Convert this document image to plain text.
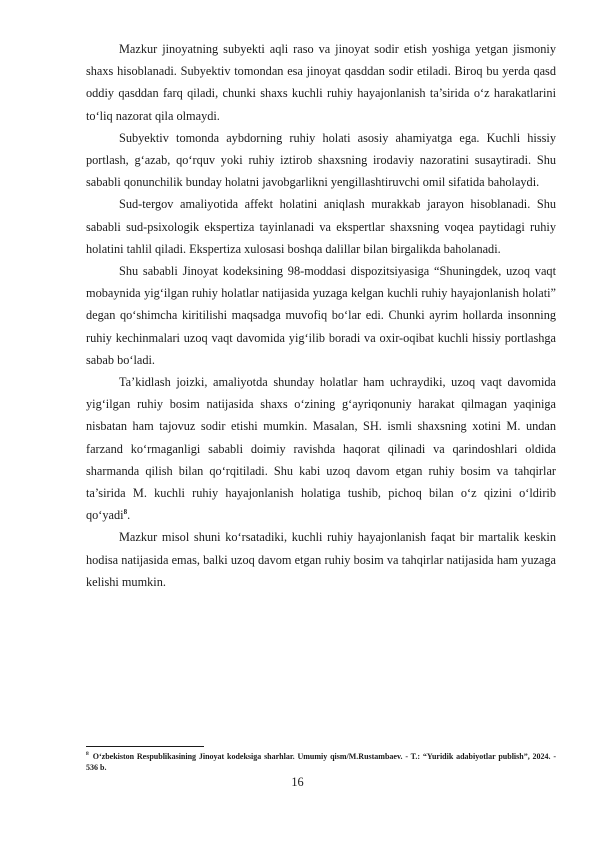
Mazkur jinoyatning subyekti aqli raso va jinoyat sodir etish yoshiga yetgan jismoniy shaxs hisoblanadi. Subyektiv tomondan esa jinoyat qasddan sodir etiladi. Biroq bu yerda qasd oddiy qasddan farq qiladi, chunki shaxs kuchli ruhiy hayajonlanish ta’sirida o‘z harakatlarini to‘liq nazorat qila olmaydi.

Subyektiv tomonda aybdorning ruhiy holati asosiy ahamiyatga ega. Kuchli hissiy portlash, g‘azab, qo‘rquv yoki ruhiy iztirob shaxsning irodaviy nazoratini susaytiradi. Shu sababli qonunchilik bunday holatni javobgarlikni yengillashtiruvchi omil sifatida baholaydi.

Sud-tergov amaliyotida affekt holatini aniqlash murakkab jarayon hisoblanadi. Shu sababli sud-psixologik ekspertiza tayinlanadi va ekspertlar shaxsning voqea paytidagi ruhiy holatini tahlil qiladi. Ekspertiza xulosasi boshqa dalillar bilan birgalikda baholanadi.

Shu sababli Jinoyat kodeksining 98-moddasi dispozitsiyasiga “Shuningdek, uzoq vaqt mobaynida yig‘ilgan ruhiy holatlar natijasida yuzaga kelgan kuchli ruhiy hayajonlanish holati” degan qo‘shimcha kiritilishi maqsadga muvofiq bo‘lar edi. Chunki ayrim hollarda insonning ruhiy kechinmalari uzoq vaqt davomida yig‘ilib boradi va oxir-oqibat kuchli hissiy portlashga sabab bo‘ladi.

Ta’kidlash joizki, amaliyotda shunday holatlar ham uchraydiki, uzoq vaqt davomida yig‘ilgan ruhiy bosim natijasida shaxs o‘zining g‘ayriqonuniy harakat qilmagan yaqiniga nisbatan ham tajovuz sodir etishi mumkin. Masalan, SH. ismli shaxsning xotini M. undan farzand ko‘rmaganligi sababli doimiy ravishda haqorat qilinadi va qarindoshlari oldida sharmanda qilish bilan qo‘rqitiladi. Shu kabi uzoq davom etgan ruhiy bosim va tahqirlar ta’sirida M. kuchli ruhiy hayajonlanish holatiga tushib, pichoq bilan o‘z qizini o‘ldirib qo‘yadi$^8$.

Mazkur misol shuni ko‘rsatadiki, kuchli ruhiy hayajonlanish faqat bir martalik keskin hodisa natijasida emas, balki uzoq davom etgan ruhiy bosim va tahqirlar natijasida ham yuzaga kelishi mumkin.

$^8$ O‘zbekiston Respublikasining Jinoyat kodeksiga sharhlar. Umumiy qism/M.Rustambaev. - T.: “Yuridik adabiyotlar publish”, 2024. - 536 b.

16
